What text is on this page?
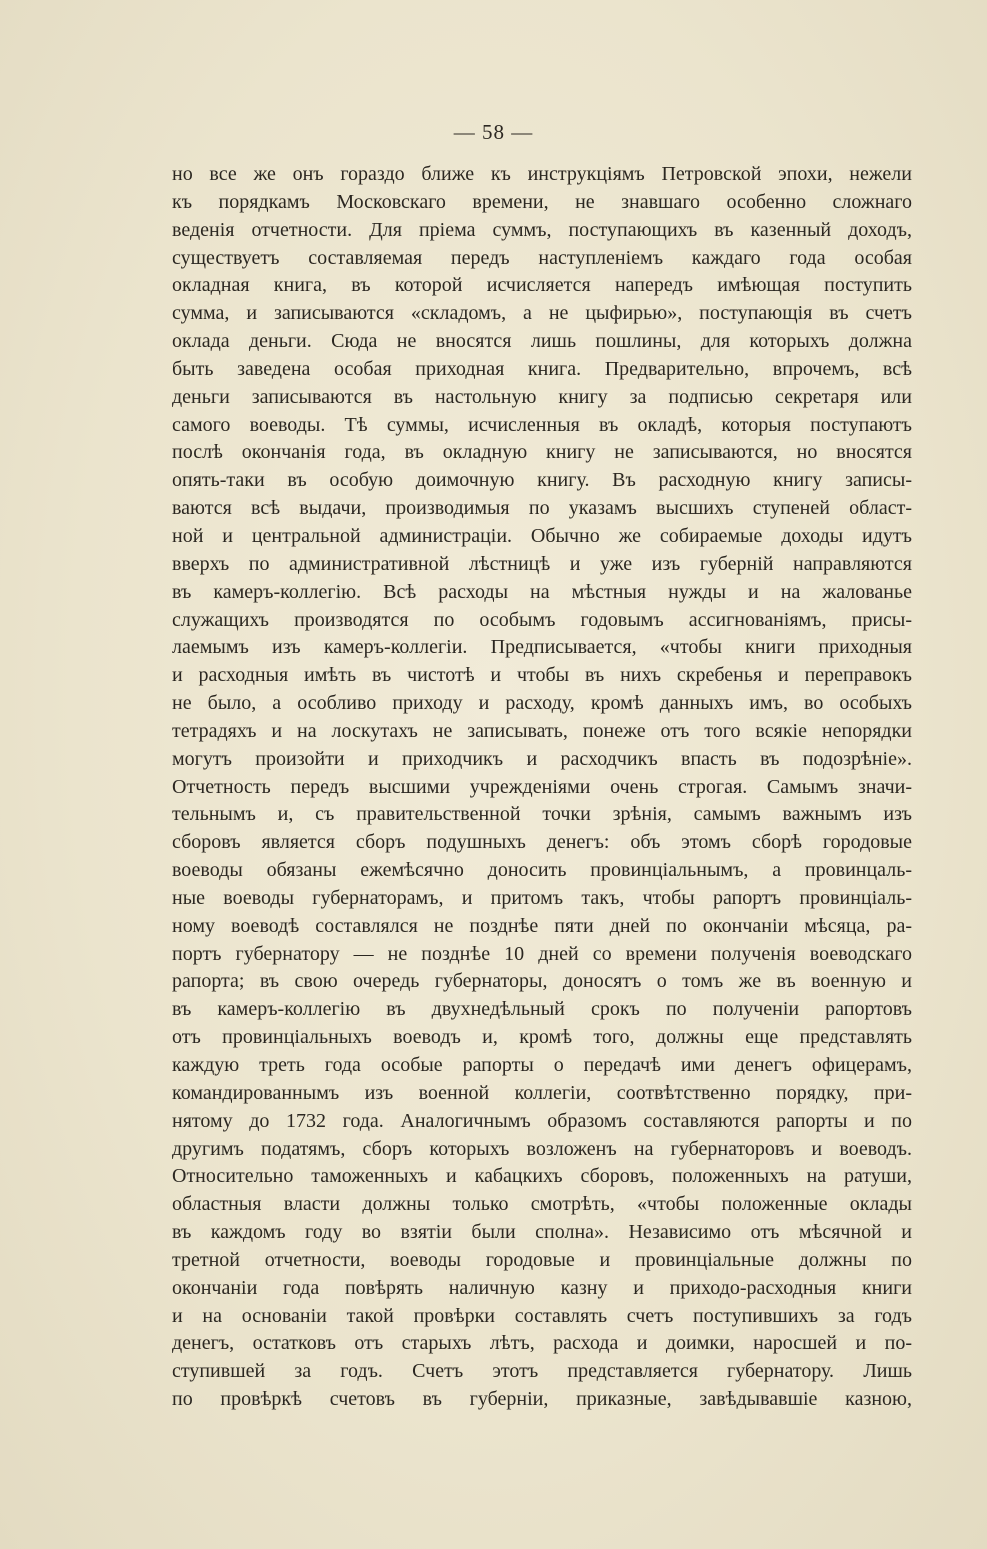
— 58 —
но все же онъ гораздо ближе къ инструкціямъ Петровской эпохи, нежели
къ порядкамъ Московскаго времени, не знавшаго особенно сложнаго
веденія отчетности. Для пріема суммъ, поступающихъ въ казенный доходъ,
существуетъ составляемая передъ наступленіемъ каждаго года особая
окладная книга, въ которой исчисляется напередъ имѣющая поступить
сумма, и записываются «складомъ, а не цыфирью», поступающія въ счетъ
оклада деньги. Сюда не вносятся лишь пошлины, для которыхъ должна
быть заведена особая приходная книга. Предварительно, впрочемъ, всѣ
деньги записываются въ настольную книгу за подписью секретаря или
самого воеводы. Тѣ суммы, исчисленныя въ окладѣ, которыя поступаютъ
послѣ окончанія года, въ окладную книгу не записываются, но вносятся
опять-таки въ особую доимочную книгу. Въ расходную книгу записы-
ваются всѣ выдачи, производимыя по указамъ высшихъ ступеней област-
ной и центральной администраціи. Обычно же собираемые доходы идутъ
вверхъ по административной лѣстницѣ и уже изъ губерній направляются
въ камеръ-коллегію. Всѣ расходы на мѣстныя нужды и на жалованье
служащихъ производятся по особымъ годовымъ ассигнованіямъ, присы-
лаемымъ изъ камеръ-коллегіи. Предписывается, «чтобы книги приходныя
и расходныя имѣть въ чистотѣ и чтобы въ нихъ скребенья и переправокъ
не было, а особливо приходу и расходу, кромѣ данныхъ имъ, во особыхъ
тетрадяхъ и на лоскутахъ не записывать, понеже отъ того всякіе непорядки
могутъ произойти и приходчикъ и расходчикъ впасть въ подозрѣніе».
Отчетность передъ высшими учрежденіями очень строгая. Самымъ значи-
тельнымъ и, съ правительственной точки зрѣнія, самымъ важнымъ изъ
сборовъ является сборъ подушныхъ денегъ: объ этомъ сборѣ городовые
воеводы обязаны ежемѣсячно доносить провинціальнымъ, а провинцаль-
ные воеводы губернаторамъ, и притомъ такъ, чтобы рапортъ провинціаль-
ному воеводѣ составлялся не позднѣе пяти дней по окончаніи мѣсяца, ра-
портъ губернатору — не позднѣе 10 дней со времени полученія воеводскаго
рапорта; въ свою очередь губернаторы, доносятъ о томъ же въ военную и
въ камеръ-коллегію въ двухнедѣльный срокъ по полученіи рапортовъ
отъ провинціальныхъ воеводъ и, кромѣ того, должны еще представлять
каждую треть года особые рапорты о передачѣ ими денегъ офицерамъ,
командированнымъ изъ военной коллегіи, соотвѣтственно порядку, при-
нятому до 1732 года. Аналогичнымъ образомъ составляются рапорты и по
другимъ податямъ, сборъ которыхъ возложенъ на губернаторовъ и воеводъ.
Относительно таможенныхъ и кабацкихъ сборовъ, положенныхъ на ратуши,
областныя власти должны только смотрѣть, «чтобы положенные оклады
въ каждомъ году во взятіи были сполна». Независимо отъ мѣсячной и
третной отчетности, воеводы городовые и провинціальные должны по
окончаніи года повѣрять наличную казну и приходо-расходныя книги
и на основаніи такой провѣрки составлять счетъ поступившихъ за годъ
денегъ, остатковъ отъ старыхъ лѣтъ, расхода и доимки, наросшей и по-
ступившей за годъ. Счетъ этотъ представляется губернатору. Лишь
по провѣркѣ счетовъ въ губерніи, приказные, завѣдывавшіе казною,
